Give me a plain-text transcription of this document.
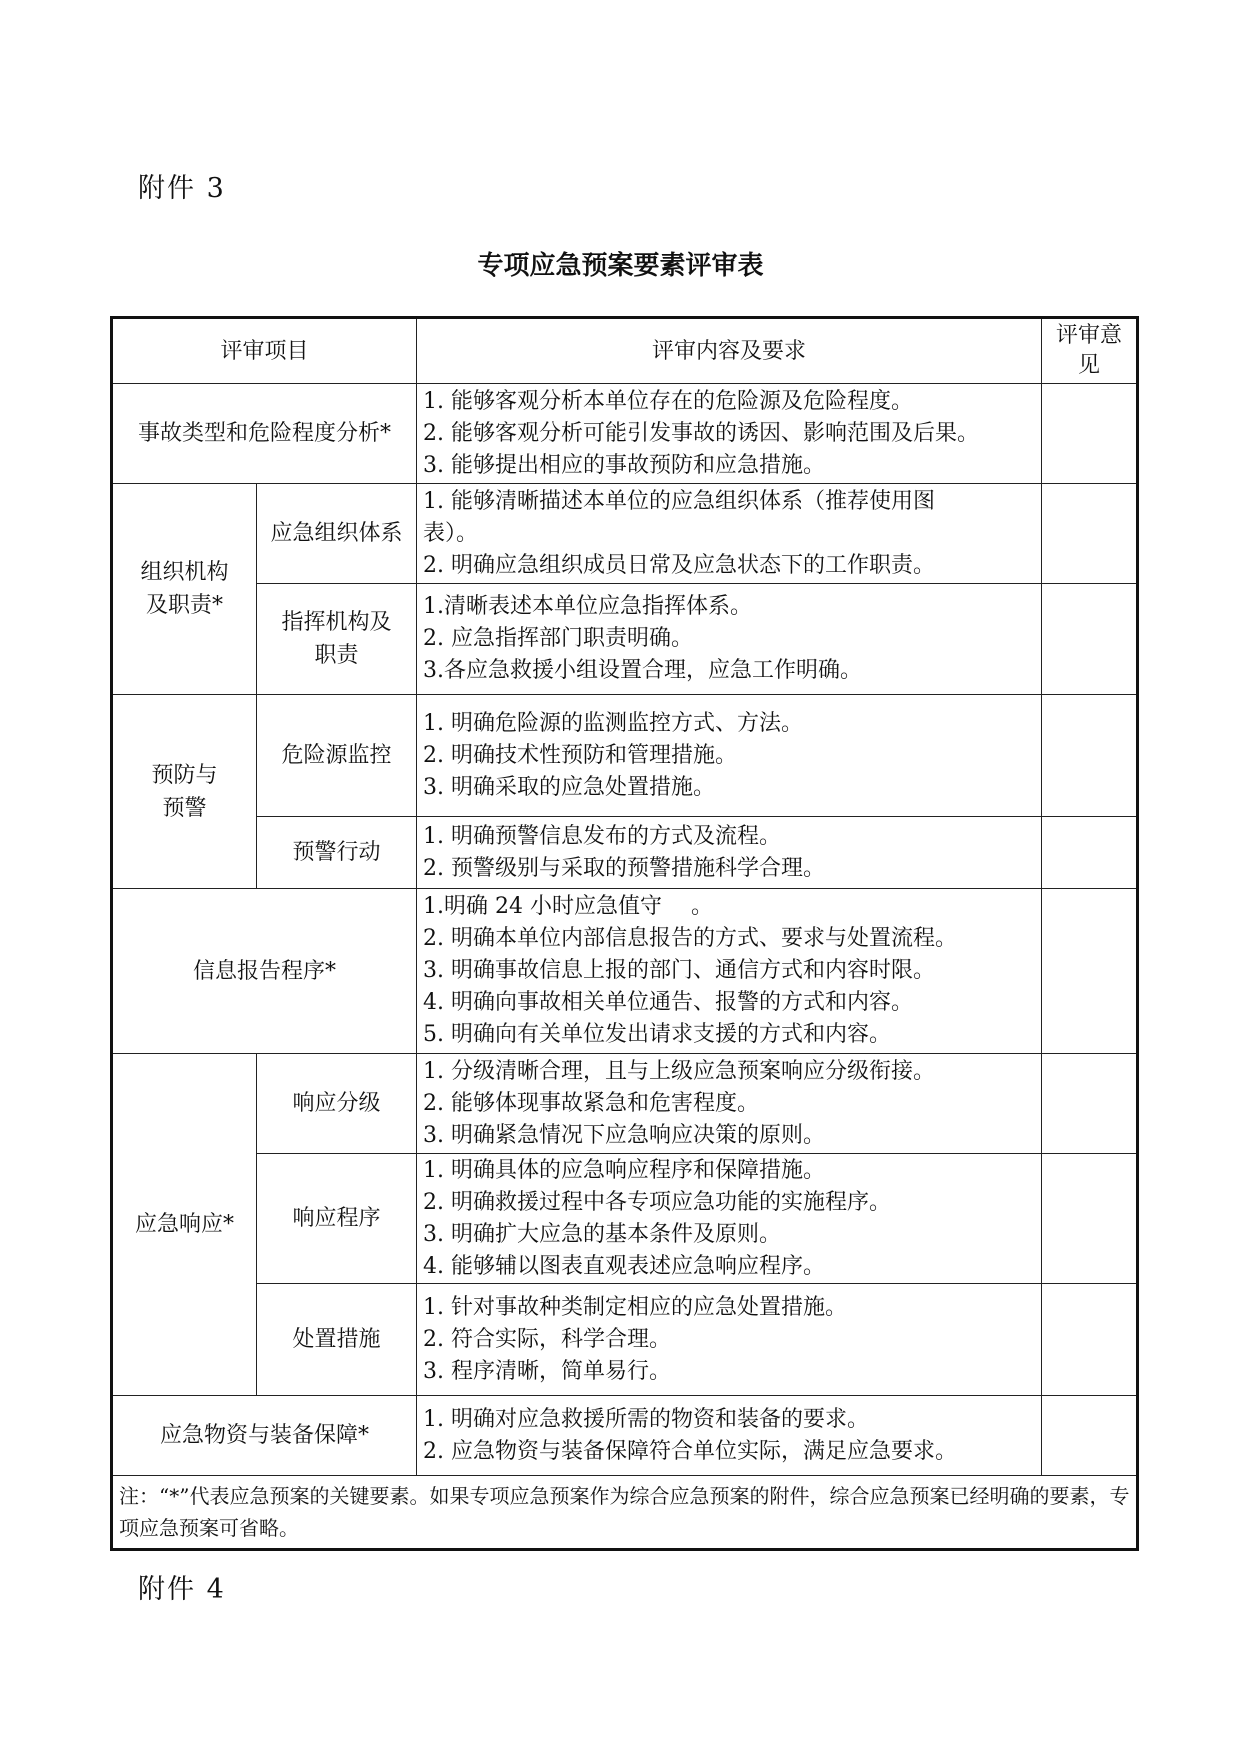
附件 3
专项应急预案要素评审表
评审项目		评审内容及要求	评审意见
事故类型和危险程度分析*		1. 能够客观分析本单位存在的危险源及危险程度。
2. 能够客观分析可能引发事故的诱因、影响范围及后果。
3. 能够提出相应的事故预防和应急措施。	

组织机构及职责*	应急组织体系	1. 能够清晰描述本单位的应急组织体系（推荐使用图
表）。
2. 明确应急组织成员日常及应急状态下的工作职责。	

	指挥机构及职责	1.清晰表述本单位应急指挥体系。
2. 应急指挥部门职责明确。
3.各应急救援小组设置合理，应急工作明确。	

预防与预警	危险源监控	1. 明确危险源的监测监控方式、方法。
2. 明确技术性预防和管理措施。
3. 明确采取的应急处置措施。	

	预警行动	1. 明确预警信息发布的方式及流程。
2. 预警级别与采取的预警措施科学合理。	

信息报告程序*		1.明确 24 小时应急值守　 。
2. 明确本单位内部信息报告的方式、要求与处置流程。
3. 明确事故信息上报的部门、通信方式和内容时限。
4. 明确向事故相关单位通告、报警的方式和内容。
5. 明确向有关单位发出请求支援的方式和内容。	

应急响应*	响应分级	1. 分级清晰合理，且与上级应急预案响应分级衔接。
2. 能够体现事故紧急和危害程度。
3. 明确紧急情况下应急响应决策的原则。	

	响应程序	1. 明确具体的应急响应程序和保障措施。
2. 明确救援过程中各专项应急功能的实施程序。
3. 明确扩大应急的基本条件及原则。
4. 能够辅以图表直观表述应急响应程序。	

	处置措施	1. 针对事故种类制定相应的应急处置措施。
2. 符合实际，科学合理。
3. 程序清晰，简单易行。	

应急物资与装备保障*		1. 明确对应急救援所需的物资和装备的要求。
2. 应急物资与装备保障符合单位实际，满足应急要求。	

注：“*”代表应急预案的关键要素。如果专项应急预案作为综合应急预案的附件，综合应急预案已经明确的要素，专项应急预案可省略。			
附件 4
